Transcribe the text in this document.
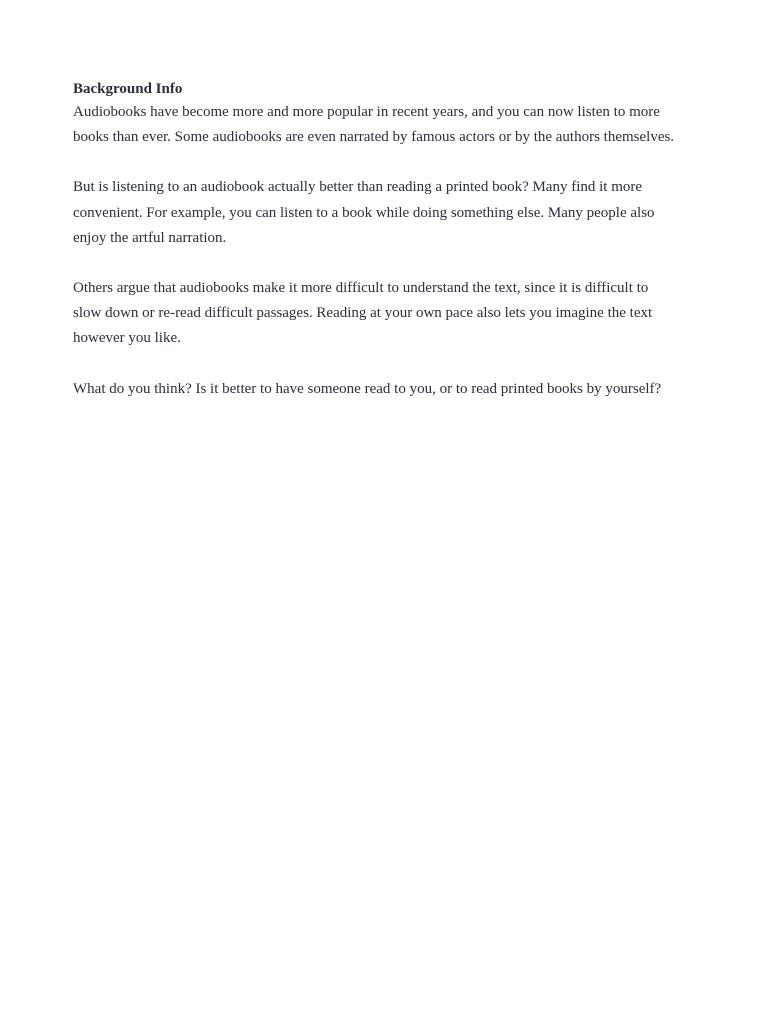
Background Info

Audiobooks have become more and more popular in recent years, and you can now listen to more
books than ever. Some audiobooks are even narrated by famous actors or by the authors themselves.

But is listening to an audiobook actually better than reading a printed book? Many find it more
convenient. For example, you can listen to a book while doing something else. Many people also
enjoy the artful narration.

Others argue that audiobooks make it more difficult to understand the text, since it is difficult to
slow down or re-read difficult passages. Reading at your own pace also lets you imagine the text
however you like.

What do you think? Is it better to have someone read to you, or to read printed books by yourself?
